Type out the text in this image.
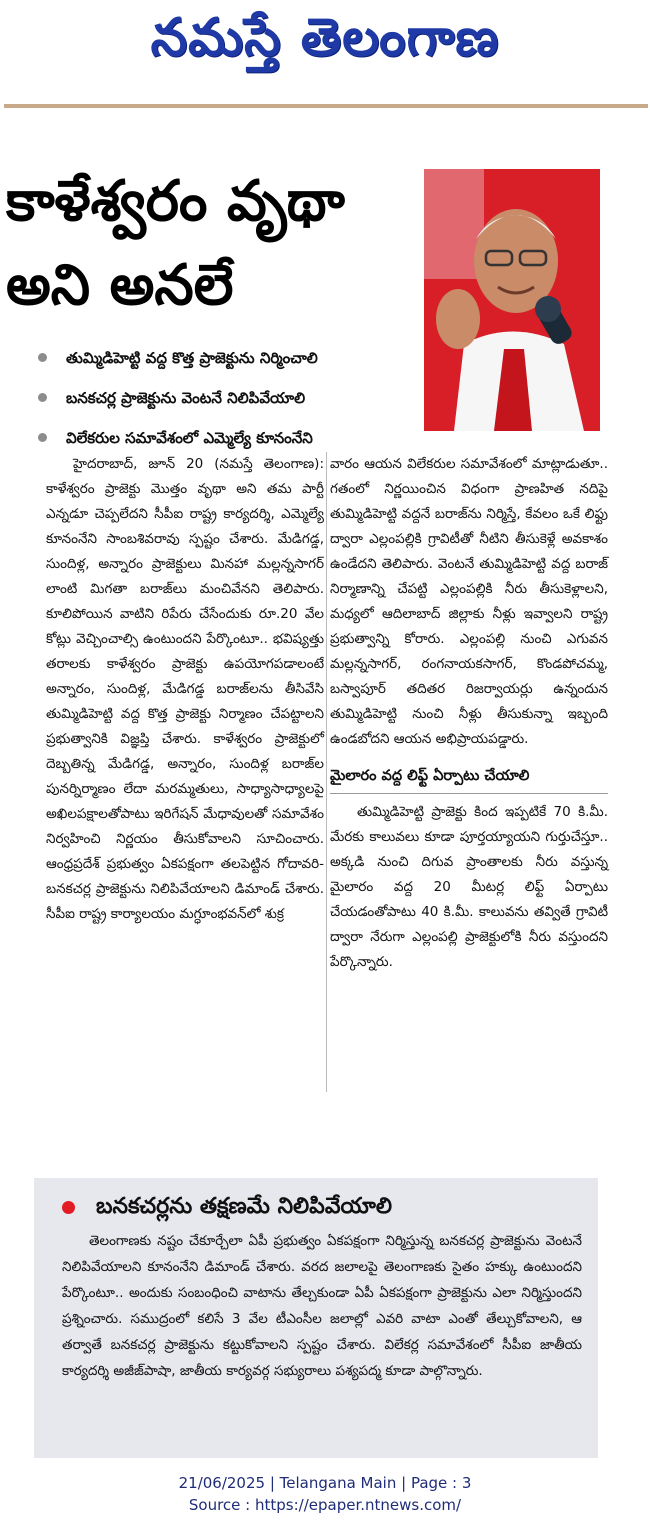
నమస్తే తెలంగాణ
కాళేశ్వరం వృథా
అని అనలే
తుమ్మిడిహెట్టి వద్ద కొత్త ప్రాజెక్టును నిర్మించాలి
బనకచర్ల ప్రాజెక్టును వెంటనే నిలిపివేయాలి
విలేకరుల సమావేశంలో ఎమ్మెల్యే కూనంనేని
హైదరాబాద్, జూన్ 20 (నమస్తే తెలంగాణ): కాళేశ్వరం ప్రాజెక్టు మొత్తం వృథా అని తమ పార్టీ ఎన్నడూ చెప్పలేదని సీపీఐ రాష్ట్ర కార్యదర్శి, ఎమ్మెల్యే కూనంనేని సాంబశివరావు స్పష్టం చేశారు. మేడిగడ్డ, సుందిళ్ల, అన్నారం ప్రాజెక్టులు మినహా మల్లన్నసాగర్ లాంటి మిగతా బరాజ్‌లు మంచివేనని తెలిపారు. కూలిపోయిన వాటిని రిపేరు చేసేందుకు రూ.20 వేల కోట్లు వెచ్చించాల్సి ఉంటుందని పేర్కొంటూ.. భవిష్యత్తు తరాలకు కాళేశ్వరం ప్రాజెక్టు ఉపయోగపడాలంటే అన్నారం, సుందిళ్ల, మేడిగడ్డ బరాజ్‌లను తీసివేసి తుమ్మిడిహెట్టి వద్ద కొత్త ప్రాజెక్టు నిర్మాణం చేపట్టాలని ప్రభుత్వానికి విజ్ఞప్తి చేశారు. కాళేశ్వరం ప్రాజెక్టులో దెబ్బతిన్న మేడిగడ్డ, అన్నారం, సుందిళ్ల బరాజ్‌ల పునర్నిర్మాణం లేదా మరమ్మతులు, సాధ్యాసాధ్యాలపై అఖిలపక్షాలతోపాటు ఇరిగేషన్ మేధావులతో సమావేశం నిర్వహించి నిర్ణయం తీసుకోవాలని సూచించారు. ఆంధ్రప్రదేశ్ ప్రభుత్వం ఏకపక్షంగా తలపెట్టిన గోదావరి-బనకచర్ల ప్రాజెక్టును నిలిపివేయాలని డిమాండ్ చేశారు. సీపీఐ రాష్ట్ర కార్యాలయం మగ్ధూంభవన్‌లో శుక్ర
వారం ఆయన విలేకరుల సమావేశంలో మాట్లాడుతూ.. గతంలో నిర్ణయించిన విధంగా ప్రాణహిత నదిపై తుమ్మిడిహెట్టి వద్దనే బరాజ్‌ను నిర్మిస్తే, కేవలం ఒకే లిఫ్టు ద్వారా ఎల్లంపల్లికి గ్రావిటీతో నీటిని తీసుకెళ్లే అవకాశం ఉండేదని తెలిపారు. వెంటనే తుమ్మిడిహెట్టి వద్ద బరాజ్ నిర్మాణాన్ని చేపట్టి ఎల్లంపల్లికి నీరు తీసుకెళ్లాలని, మధ్యలో ఆదిలాబాద్ జిల్లాకు నీళ్లు ఇవ్వాలని రాష్ట్ర ప్రభుత్వాన్ని కోరారు. ఎల్లంపల్లి నుంచి ఎగువన మల్లన్నసాగర్, రంగనాయకసాగర్, కొండపోచమ్మ, బస్వాపూర్ తదితర రిజర్వాయర్లు ఉన్నందున తుమ్మిడిహెట్టి నుంచి నీళ్లు తీసుకున్నా ఇబ్బంది ఉండబోదని ఆయన అభిప్రాయపడ్డారు.
మైలారం వద్ద లిఫ్ట్ ఏర్పాటు చేయాలి
తుమ్మిడిహెట్టి ప్రాజెక్టు కింద ఇప్పటికే 70 కి.మీ. మేరకు కాలువలు కూడా పూర్తయ్యాయని గుర్తుచేస్తూ.. అక్కడి నుంచి దిగువ ప్రాంతాలకు నీరు వస్తున్న మైలారం వద్ద 20 మీటర్ల లిఫ్ట్ ఏర్పాటు చేయడంతోపాటు 40 కి.మీ. కాలువను తవ్వితే గ్రావిటీ ద్వారా నేరుగా ఎల్లంపల్లి ప్రాజెక్టులోకి నీరు వస్తుందని పేర్కొన్నారు.
బనకచర్లను తక్షణమే నిలిపివేయాలి
తెలంగాణకు నష్టం చేకూర్చేలా ఏపీ ప్రభుత్వం ఏకపక్షంగా నిర్మిస్తున్న బనకచర్ల ప్రాజెక్టును వెంటనే నిలిపివేయాలని కూనంనేని డిమాండ్ చేశారు. వరద జలాలపై తెలంగాణకు సైతం హక్కు ఉంటుందని పేర్కొంటూ.. అందుకు సంబంధించి వాటాను తేల్చకుండా ఏపీ ఏకపక్షంగా ప్రాజెక్టును ఎలా నిర్మిస్తుందని ప్రశ్నించారు. సముద్రంలో కలిసే 3 వేల టీఎంసీల జలాల్లో ఎవరి వాటా ఎంతో తేల్చుకోవాలని, ఆ తర్వాతే బనకచర్ల ప్రాజెక్టును కట్టుకోవాలని స్పష్టం చేశారు. విలేకర్ల సమావేశంలో సీపీఐ జాతీయ కార్యదర్శి అజీజ్‌పాషా, జాతీయ కార్యవర్గ సభ్యురాలు పశ్యపద్మ కూడా పాల్గొన్నారు.
21/06/2025 | Telangana Main | Page : 3
Source : https://epaper.ntnews.com/
